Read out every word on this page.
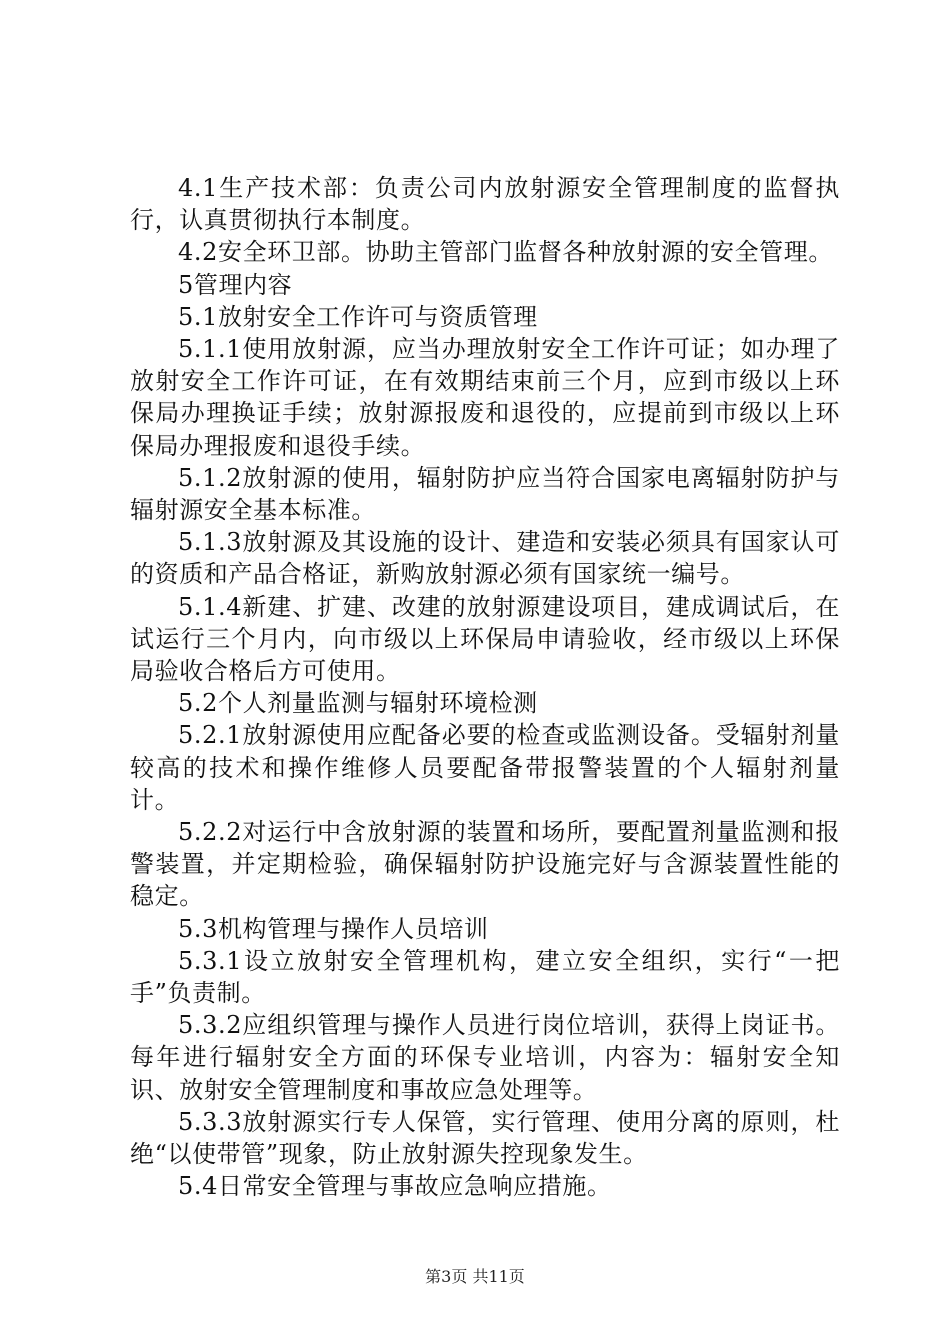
4.1生产技术部：负责公司内放射源安全管理制度的监督执行，认真贯彻执行本制度。

4.2安全环卫部。协助主管部门监督各种放射源的安全管理。

5管理内容

5.1放射安全工作许可与资质管理

5.1.1使用放射源，应当办理放射安全工作许可证；如办理了放射安全工作许可证，在有效期结束前三个月，应到市级以上环保局办理换证手续；放射源报废和退役的，应提前到市级以上环保局办理报废和退役手续。

5.1.2放射源的使用，辐射防护应当符合国家电离辐射防护与辐射源安全基本标准。

5.1.3放射源及其设施的设计、建造和安装必须具有国家认可的资质和产品合格证，新购放射源必须有国家统一编号。

5.1.4新建、扩建、改建的放射源建设项目，建成调试后，在试运行三个月内，向市级以上环保局申请验收，经市级以上环保局验收合格后方可使用。

5.2个人剂量监测与辐射环境检测

5.2.1放射源使用应配备必要的检查或监测设备。受辐射剂量较高的技术和操作维修人员要配备带报警装置的个人辐射剂量计。

5.2.2对运行中含放射源的装置和场所，要配置剂量监测和报警装置，并定期检验，确保辐射防护设施完好与含源装置性能的稳定。

5.3机构管理与操作人员培训

5.3.1设立放射安全管理机构，建立安全组织，实行“一把手”负责制。

5.3.2应组织管理与操作人员进行岗位培训，获得上岗证书。每年进行辐射安全方面的环保专业培训，内容为：辐射安全知识、放射安全管理制度和事故应急处理等。

5.3.3放射源实行专人保管，实行管理、使用分离的原则，杜绝“以使带管”现象，防止放射源失控现象发生。

5.4日常安全管理与事故应急响应措施。

第3页 共11页
